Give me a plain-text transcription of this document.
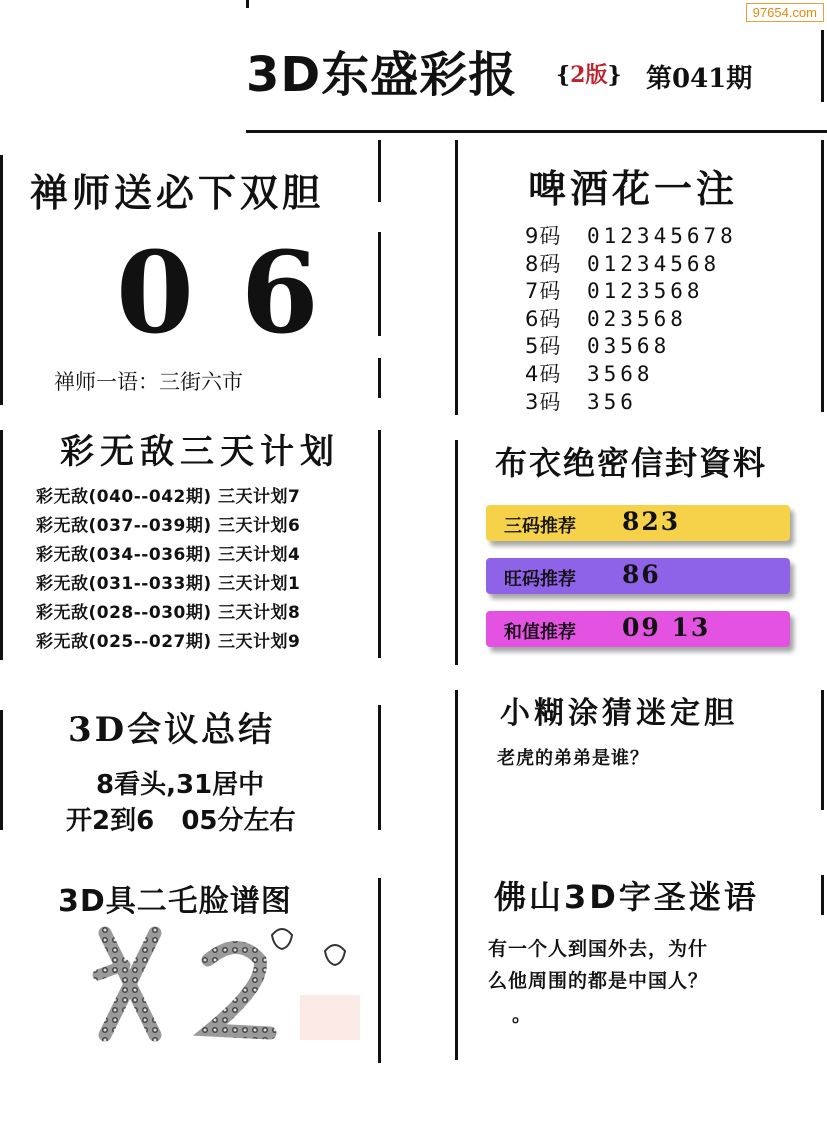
97654.com
3D东盛彩报 {2版} 第041期
禅师送必下双胆
0 6
禅师一语：三街六市
啤酒花一注
9码 012345678
8码 01234568
7码 0123568
6码 023568
5码 03568
4码 3568
3码 356
彩无敌三天计划
彩无敌(040--042期) 三天计划7
彩无敌(037--039期) 三天计划6
彩无敌(034--036期) 三天计划4
彩无敌(031--033期) 三天计划1
彩无敌(028--030期) 三天计划8
彩无敌(025--027期) 三天计划9
布衣绝密信封資料
三码推荐 823
旺码推荐 86
和值推荐 09 13
3D会议总结
8看头,31居中
开2到6   05分左右
小糊涂猜迷定胆
老虎的弟弟是谁？
3D具二乇脸谱图	佛山3D字圣迷语
有一个人到国外去，为什
么他周围的都是中国人？
。
